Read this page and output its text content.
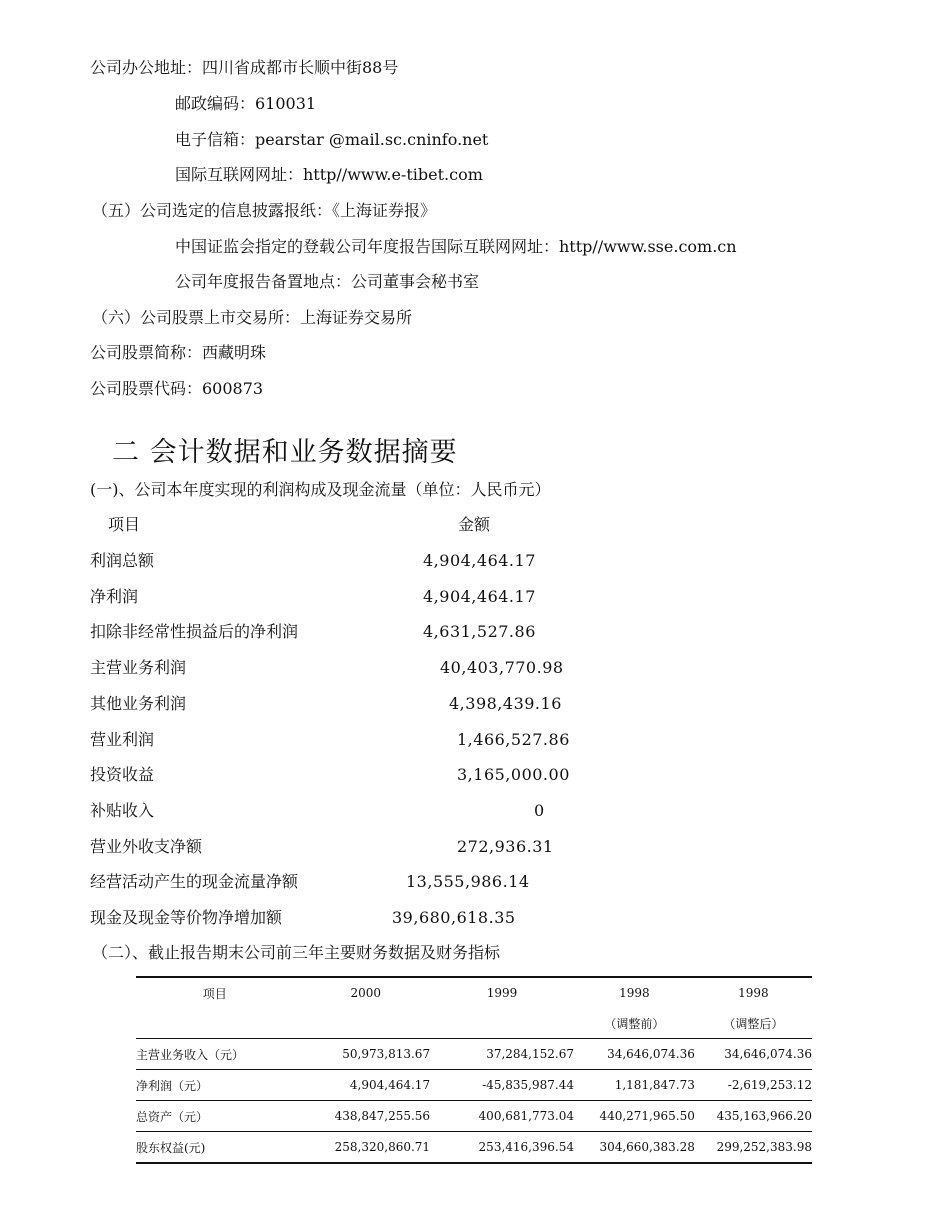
公司办公地址：四川省成都市长顺中街88号
邮政编码：610031
电子信箱：pearstar @mail.sc.cninfo.net
国际互联网网址：http//www.e-tibet.com
（五）公司选定的信息披露报纸：《上海证券报》
中国证监会指定的登载公司年度报告国际互联网网址：http//www.sse.com.cn
公司年度报告备置地点：公司董事会秘书室
（六）公司股票上市交易所：上海证券交易所
公司股票简称：西藏明珠
公司股票代码：600873
二 会计数据和业务数据摘要
(一)、公司本年度实现的利润构成及现金流量（单位：人民币元）
项目	金额
利润总额	4,904,464.17
净利润	4,904,464.17
扣除非经常性损益后的净利润	4,631,527.86
主营业务利润	40,403,770.98
其他业务利润	4,398,439.16
营业利润	1,466,527.86
投资收益	3,165,000.00
补贴收入	0
营业外收支净额	272,936.31
经营活动产生的现金流量净额	13,555,986.14
现金及现金等价物净增加额	39,680,618.35
（二）、截止报告期末公司前三年主要财务数据及财务指标
项目	2000	1999	1998	1998
			（调整前）	（调整后）
主营业务收入（元）	50,973,813.67	37,284,152.67	34,646,074.36	34,646,074.36
净利润（元）	4,904,464.17	-45,835,987.44	1,181,847.73	-2,619,253.12
总资产（元）	438,847,255.56	400,681,773.04	440,271,965.50	435,163,966.20
股东权益(元)	258,320,860.71	253,416,396.54	304,660,383.28	299,252,383.98
